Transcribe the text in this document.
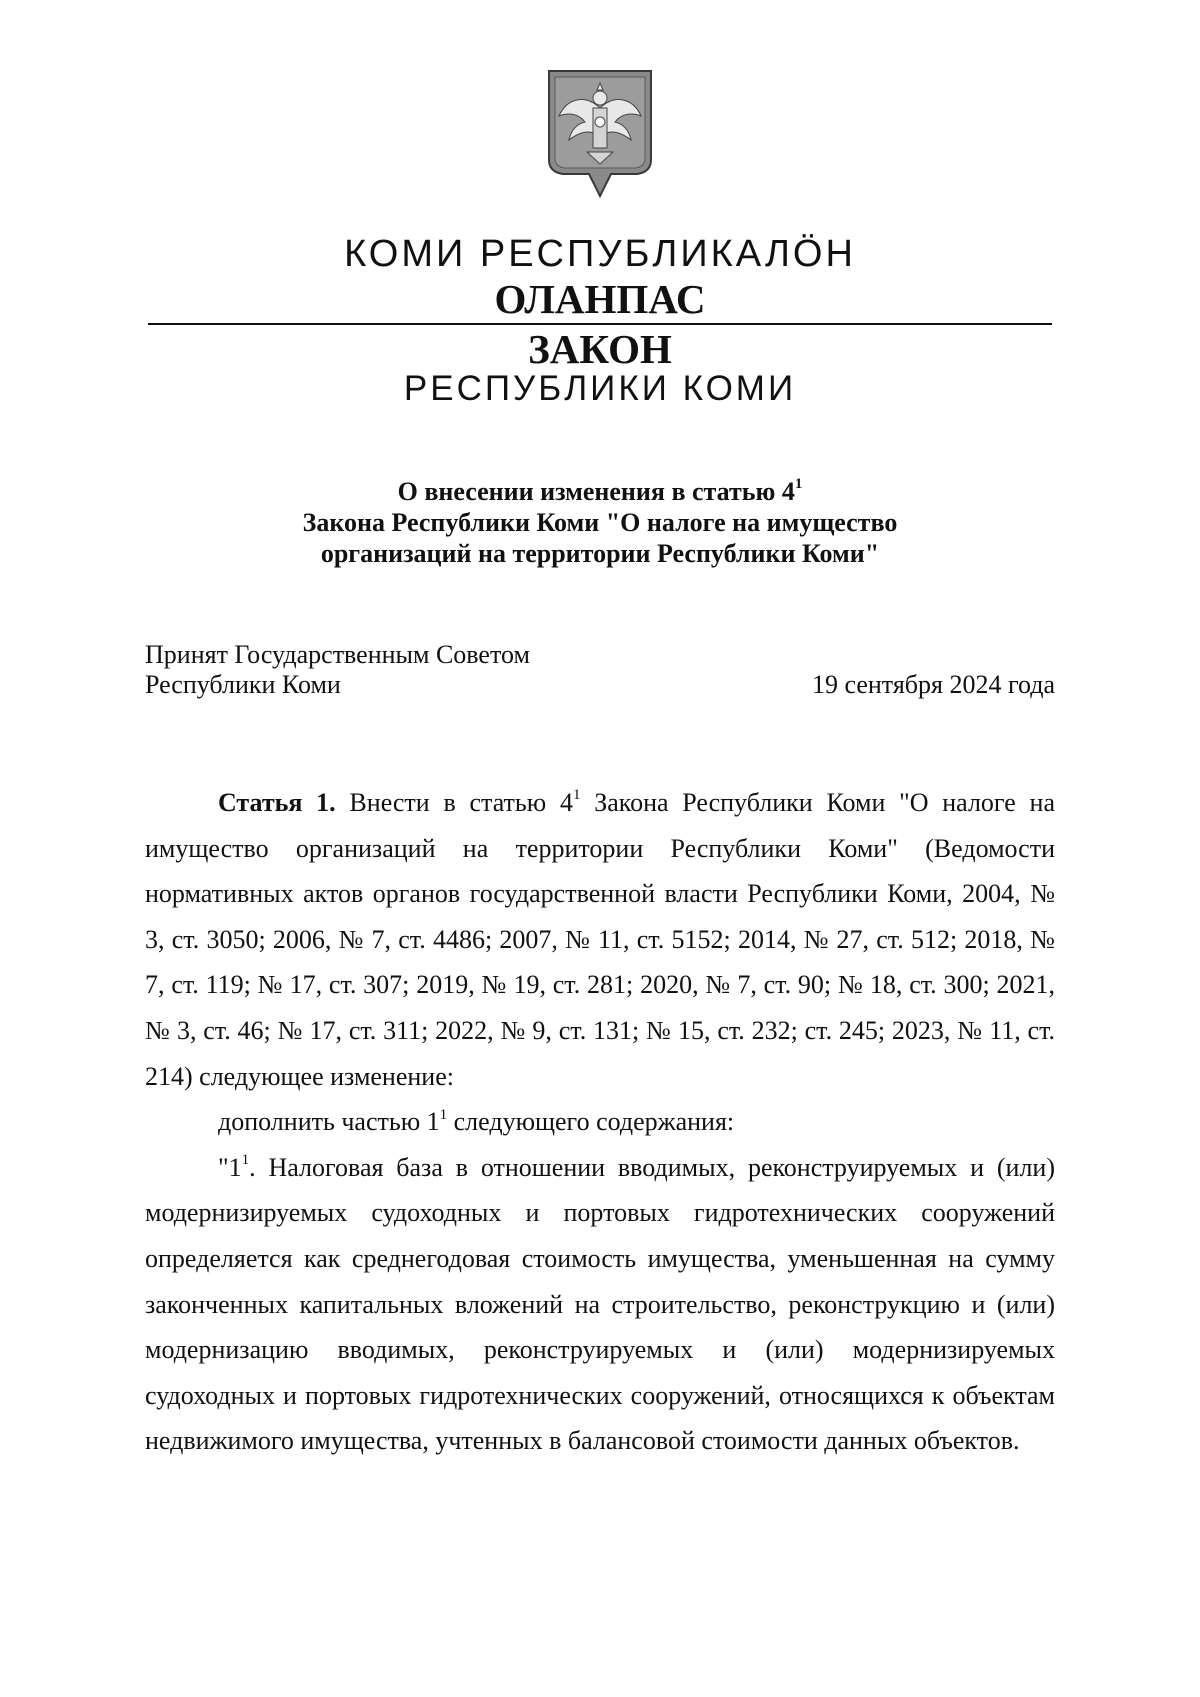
КОМИ РЕСПУБЛИКАЛӦН
ОЛАНПАС
ЗАКОН
РЕСПУБЛИКИ КОМИ
О внесении изменения в статью $4^1$
Закона Республики Коми "О налоге на имущество
организаций на территории Республики Коми"
Принят Государственным Советом
Республики Коми	19 сентября 2024 года

Статья 1. Внести в статью $4^1$ Закона Республики Коми "О налоге на имущество организаций на территории Республики Коми" (Ведомости нормативных актов органов государственной власти Республики Коми, 2004, № 3, ст. 3050; 2006, № 7, ст. 4486; 2007, № 11, ст. 5152; 2014, № 27, ст. 512; 2018, № 7, ст. 119; № 17, ст. 307; 2019, № 19, ст. 281; 2020, № 7, ст. 90; № 18, ст. 300; 2021, № 3, ст. 46; № 17, ст. 311; 2022, № 9, ст. 131; № 15, ст. 232; ст. 245; 2023, № 11, ст. 214) следующее изменение:

дополнить частью $1^1$ следующего содержания:

"$1^1$. Налоговая база в отношении вводимых, реконструируемых и (или) модернизируемых судоходных и портовых гидротехнических сооружений определяется как среднегодовая стоимость имущества, уменьшенная на сумму законченных капитальных вложений на строительство, реконструкцию и (или) модернизацию вводимых, реконструируемых и (или) модернизируемых судоходных и портовых гидротехнических сооружений, относящихся к объектам недвижимого имущества, учтенных в балансовой стоимости данных объектов.
